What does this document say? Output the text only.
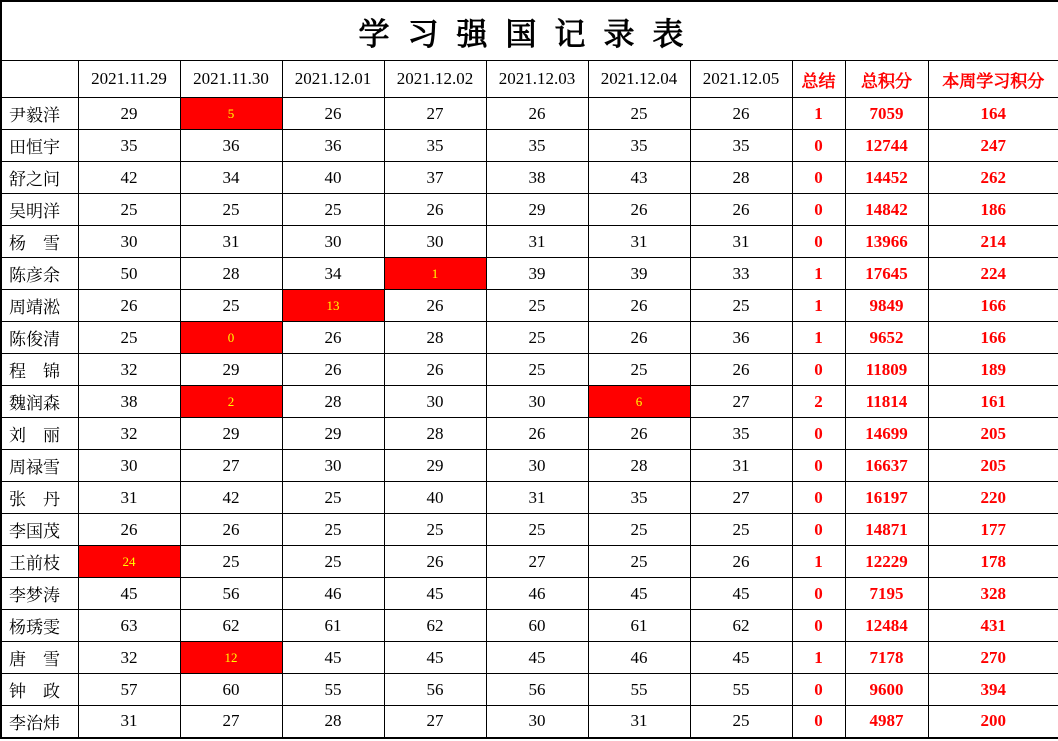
学习强国记录表										
	2021.11.29	2021.11.30	2021.12.01	2021.12.02	2021.12.03	2021.12.04	2021.12.05	总结	总积分	本周学习积分
尹毅洋	29	5	26	27	26	25	26	1	7059	164
田恒宇	35	36	36	35	35	35	35	0	12744	247
舒之问	42	34	40	37	38	43	28	0	14452	262
吴明洋	25	25	25	26	29	26	26	0	14842	186
杨　雪	30	31	30	30	31	31	31	0	13966	214
陈彦余	50	28	34	1	39	39	33	1	17645	224
周靖淞	26	25	13	26	25	26	25	1	9849	166
陈俊清	25	0	26	28	25	26	36	1	9652	166
程　锦	32	29	26	26	25	25	26	0	11809	189
魏润森	38	2	28	30	30	6	27	2	11814	161
刘　丽	32	29	29	28	26	26	35	0	14699	205
周禄雪	30	27	30	29	30	28	31	0	16637	205
张　丹	31	42	25	40	31	35	27	0	16197	220
李国茂	26	26	25	25	25	25	25	0	14871	177
王前枝	24	25	25	26	27	25	26	1	12229	178
李梦涛	45	56	46	45	46	45	45	0	7195	328
杨琇雯	63	62	61	62	60	61	62	0	12484	431
唐　雪	32	12	45	45	45	46	45	1	7178	270
钟　政	57	60	55	56	56	55	55	0	9600	394
李治炜	31	27	28	27	30	31	25	0	4987	200
